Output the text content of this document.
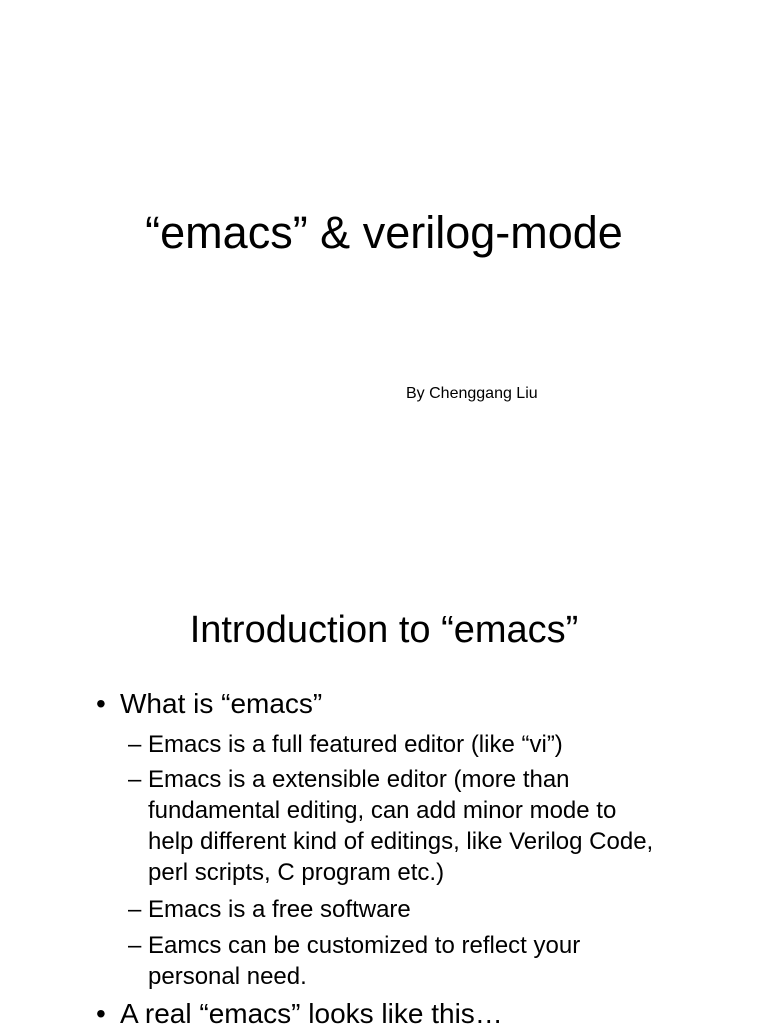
“emacs” & verilog-mode
By Chenggang Liu
Introduction to “emacs”
• What is “emacs”
– Emacs is a full featured editor (like “vi”)
– Emacs is a extensible editor (more than fundamental editing, can add minor mode to help different kind of editings, like Verilog Code, perl scripts, C program etc.)
– Emacs is a free software
– Eamcs can be customized to reflect your personal need.
• A real “emacs” looks like this…
